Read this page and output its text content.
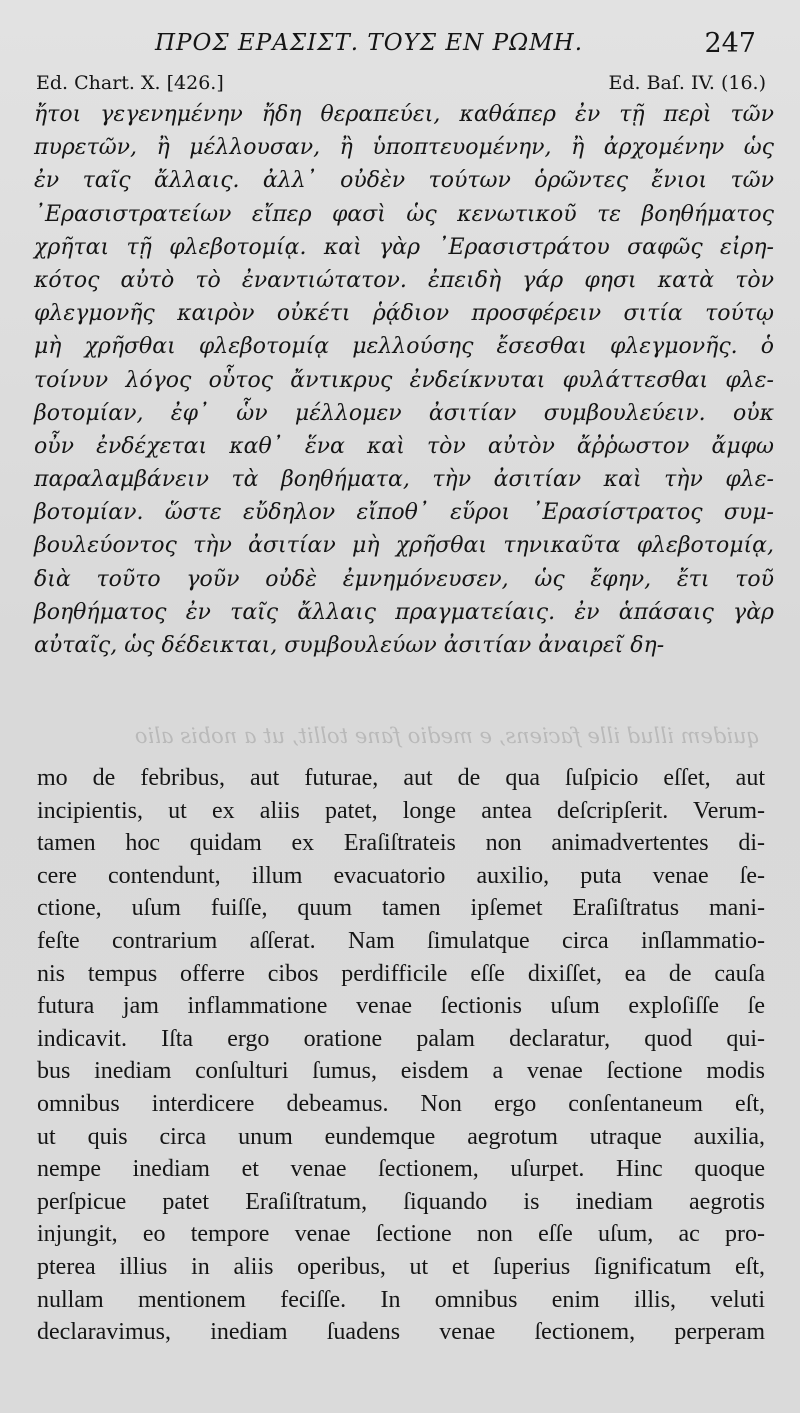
ΠΡΟΣ ΕΡΑΣΙΣΤ. ΤΟΥΣ ΕΝ ΡΩΜΗ.	247
Ed. Chart. X. [426.]	Ed. Baſ. IV. (16.)
ἤτοι γεγενημένην ἤδη θεραπεύει, καθάπερ ἐν τῇ περὶ τῶν
πυρετῶν, ἢ μέλλουσαν, ἢ ὑποπτευομένην, ἢ ἀρχομένην ὡς
ἐν ταῖς ἄλλαις. ἀλλ᾽ οὐδὲν τούτων ὁρῶντες ἔνιοι τῶν
᾽Ερασιστρατείων εἴπερ φασὶ ὡς κενωτικοῦ τε βοηθήματος
χρῆται τῇ φλεβοτομίᾳ. καὶ γὰρ ᾽Ερασιστράτου σαφῶς εἰρη-
κότος αὐτὸ τὸ ἐναντιώτατον. ἐπειδὴ γάρ φησι κατὰ τὸν
φλεγμονῆς καιρὸν οὐκέτι ῥᾴδιον προσφέρειν σιτία τούτῳ
μὴ χρῆσθαι φλεβοτομίᾳ μελλούσης ἔσεσθαι φλεγμονῆς. ὁ
τοίνυν λόγος οὗτος ἄντικρυς ἐνδείκνυται φυλάττεσθαι φλε-
βοτομίαν, ἐφ᾽ ὧν μέλλομεν ἀσιτίαν συμβουλεύειν. οὐκ
οὖν ἐνδέχεται καθ᾽ ἕνα καὶ τὸν αὐτὸν ἄῤῥωστον ἄμφω
παραλαμβάνειν τὰ βοηθήματα, τὴν ἀσιτίαν καὶ τὴν φλε-
βοτομίαν. ὥστε εὔδηλον εἴποθ᾽ εὕροι ᾽Ερασίστρατος συμ-
βουλεύοντος τὴν ἀσιτίαν μὴ χρῆσθαι τηνικαῦτα φλεβοτομίᾳ,
διὰ τοῦτο γοῦν οὐδὲ ἐμνημόνευσεν, ὡς ἔφην, ἔτι τοῦ
βοηθήματος ἐν ταῖς ἄλλαις πραγματείαις. ἐν ἁπάσαις γὰρ
αὐταῖς, ὡς δέδεικται, συμβουλεύων ἀσιτίαν ἀναιρεῖ δη-
quidem illud ille faciens, e medio fane tollit, ut a nobis alio
mo de febribus, aut futurae, aut de qua ſuſpicio eſſet, aut
incipientis, ut ex aliis patet, longe antea deſcripſerit. Verum-
tamen hoc quidam ex Eraſiſtrateis non animadvertentes di-
cere contendunt, illum evacuatorio auxilio, puta venae ſe-
ctione, uſum fuiſſe, quum tamen ipſemet Eraſiſtratus mani-
feſte contrarium aſſerat. Nam ſimulatque circa inſlammatio-
nis tempus offerre cibos perdifficile eſſe dixiſſet, ea de cauſa
futura jam inflammatione venae ſectionis uſum exploſiſſe ſe
indicavit. Iſta ergo oratione palam declaratur, quod qui-
bus inediam conſulturi ſumus, eisdem a venae ſectione modis
omnibus interdicere debeamus. Non ergo conſentaneum eſt,
ut quis circa unum eundemque aegrotum utraque auxilia,
nempe inediam et venae ſectionem, uſurpet. Hinc quoque
perſpicue patet Eraſiſtratum, ſiquando is inediam aegrotis
injungit, eo tempore venae ſectione non eſſe uſum, ac pro-
pterea illius in aliis operibus, ut et ſuperius ſignificatum eſt,
nullam mentionem feciſſe. In omnibus enim illis, veluti
declaravimus, inediam ſuadens venae ſectionem, perperam
